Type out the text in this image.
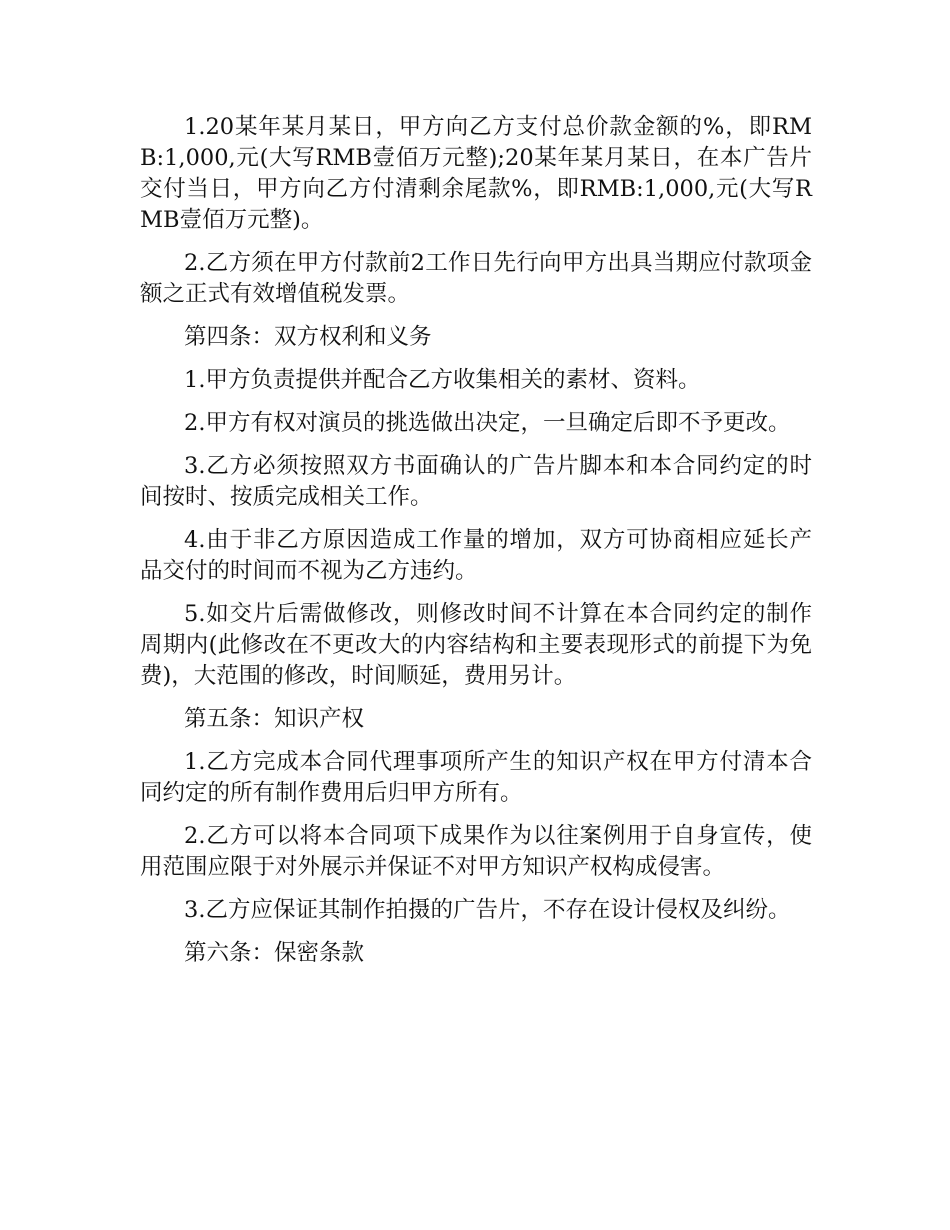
1.20某年某月某日，甲方向乙方支付总价款金额的%，即RMB:1,000,元(大写RMB壹佰万元整);20某年某月某日，在本广告片交付当日，甲方向乙方付清剩余尾款%，即RMB:1,000,元(大写RMB壹佰万元整)。

2.乙方须在甲方付款前2工作日先行向甲方出具当期应付款项金额之正式有效增值税发票。

第四条：双方权利和义务

1.甲方负责提供并配合乙方收集相关的素材、资料。

2.甲方有权对演员的挑选做出决定，一旦确定后即不予更改。

3.乙方必须按照双方书面确认的广告片脚本和本合同约定的时间按时、按质完成相关工作。

4.由于非乙方原因造成工作量的增加，双方可协商相应延长产品交付的时间而不视为乙方违约。

5.如交片后需做修改，则修改时间不计算在本合同约定的制作周期内(此修改在不更改大的内容结构和主要表现形式的前提下为免费)，大范围的修改，时间顺延，费用另计。

第五条：知识产权

1.乙方完成本合同代理事项所产生的知识产权在甲方付清本合同约定的所有制作费用后归甲方所有。

2.乙方可以将本合同项下成果作为以往案例用于自身宣传，使用范围应限于对外展示并保证不对甲方知识产权构成侵害。

3.乙方应保证其制作拍摄的广告片，不存在设计侵权及纠纷。

第六条：保密条款
